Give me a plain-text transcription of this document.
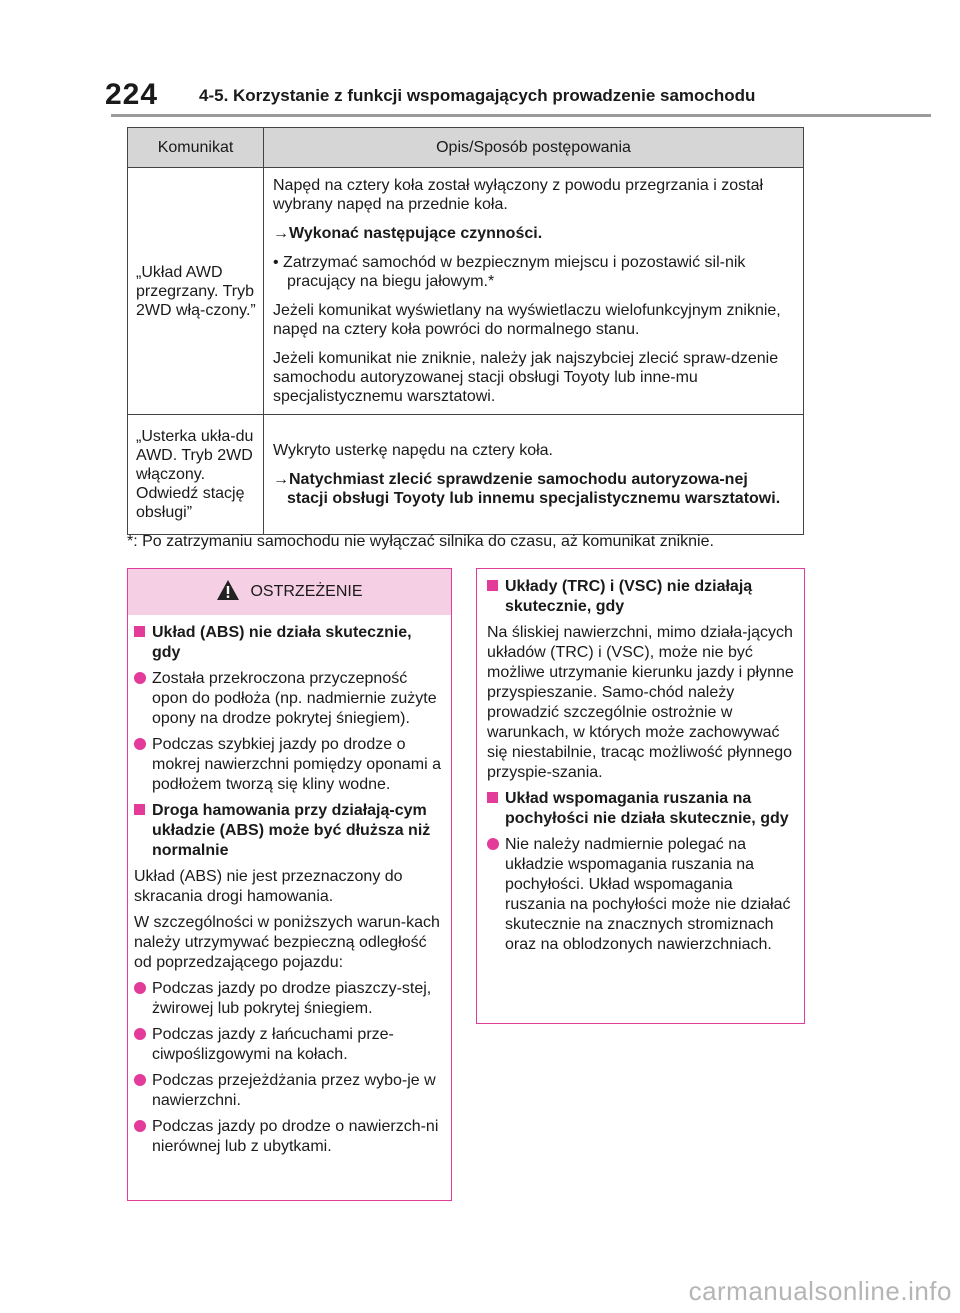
224 4-5. Korzystanie z funkcji wspomagających prowadzenie samochodu
Komunikat	Opis/Sposób postępowania
„Układ AWD przegrzany. Tryb 2WD włą-czony.”	Napęd na cztery koła został wyłączony z powodu przegrzania i został wybrany napęd na przednie koła.

→Wykonać następujące czynności.

• Zatrzymać samochód w bezpiecznym miejscu i pozostawić sil-nik pracujący na biegu jałowym.*

Jeżeli komunikat wyświetlany na wyświetlaczu wielofunkcyjnym zniknie, napęd na cztery koła powróci do normalnego stanu.

Jeżeli komunikat nie zniknie, należy jak najszybciej zlecić spraw-dzenie samochodu autoryzowanej stacji obsługi Toyoty lub inne-mu specjalistycznemu warsztatowi.

„Usterka ukła-du AWD. Tryb 2WD włączony. Odwiedź stację obsługi”	Wykryto usterkę napędu na cztery koła.

→Natychmiast zlecić sprawdzenie samochodu autoryzowa-nej stacji obsługi Toyoty lub innemu specjalistycznemu warsztatowi.

*: Po zatrzymaniu samochodu nie wyłączać silnika do czasu, aż komunikat zniknie.
OSTRZEŻENIE

Układ (ABS) nie działa skutecznie, gdy

Została przekroczona przyczepność opon do podłoża (np. nadmiernie zużyte opony na drodze pokrytej śniegiem).

Podczas szybkiej jazdy po drodze o mokrej nawierzchni pomiędzy oponami a podłożem tworzą się kliny wodne.

Droga hamowania przy działają-cym układzie (ABS) może być dłuższa niż normalnie

Układ (ABS) nie jest przeznaczony do skracania drogi hamowania.

W szczególności w poniższych warun-kach należy utrzymywać bezpieczną odległość od poprzedzającego pojazdu:

Podczas jazdy po drodze piaszczy-stej, żwirowej lub pokrytej śniegiem.

Podczas jazdy z łańcuchami prze-ciwpoślizgowymi na kołach.

Podczas przejeżdżania przez wybo-je w nawierzchni.

Podczas jazdy po drodze o nawierzch-ni nierównej lub z ubytkami.

Układy (TRC) i (VSC) nie działają skutecznie, gdy

Na śliskiej nawierzchni, mimo działa-jących układów (TRC) i (VSC), może nie być możliwe utrzymanie kierunku jazdy i płynne przyspieszanie. Samo-chód należy prowadzić szczególnie ostrożnie w warunkach, w których może zachowywać się niestabilnie, tracąc możliwość płynnego przyspie-szania.

Układ wspomagania ruszania na pochyłości nie działa skutecznie, gdy

Nie należy nadmiernie polegać na układzie wspomagania ruszania na pochyłości. Układ wspomagania ruszania na pochyłości może nie działać skutecznie na znacznych stromiznach oraz na oblodzonych nawierzchniach.

carmanualsonline.info
